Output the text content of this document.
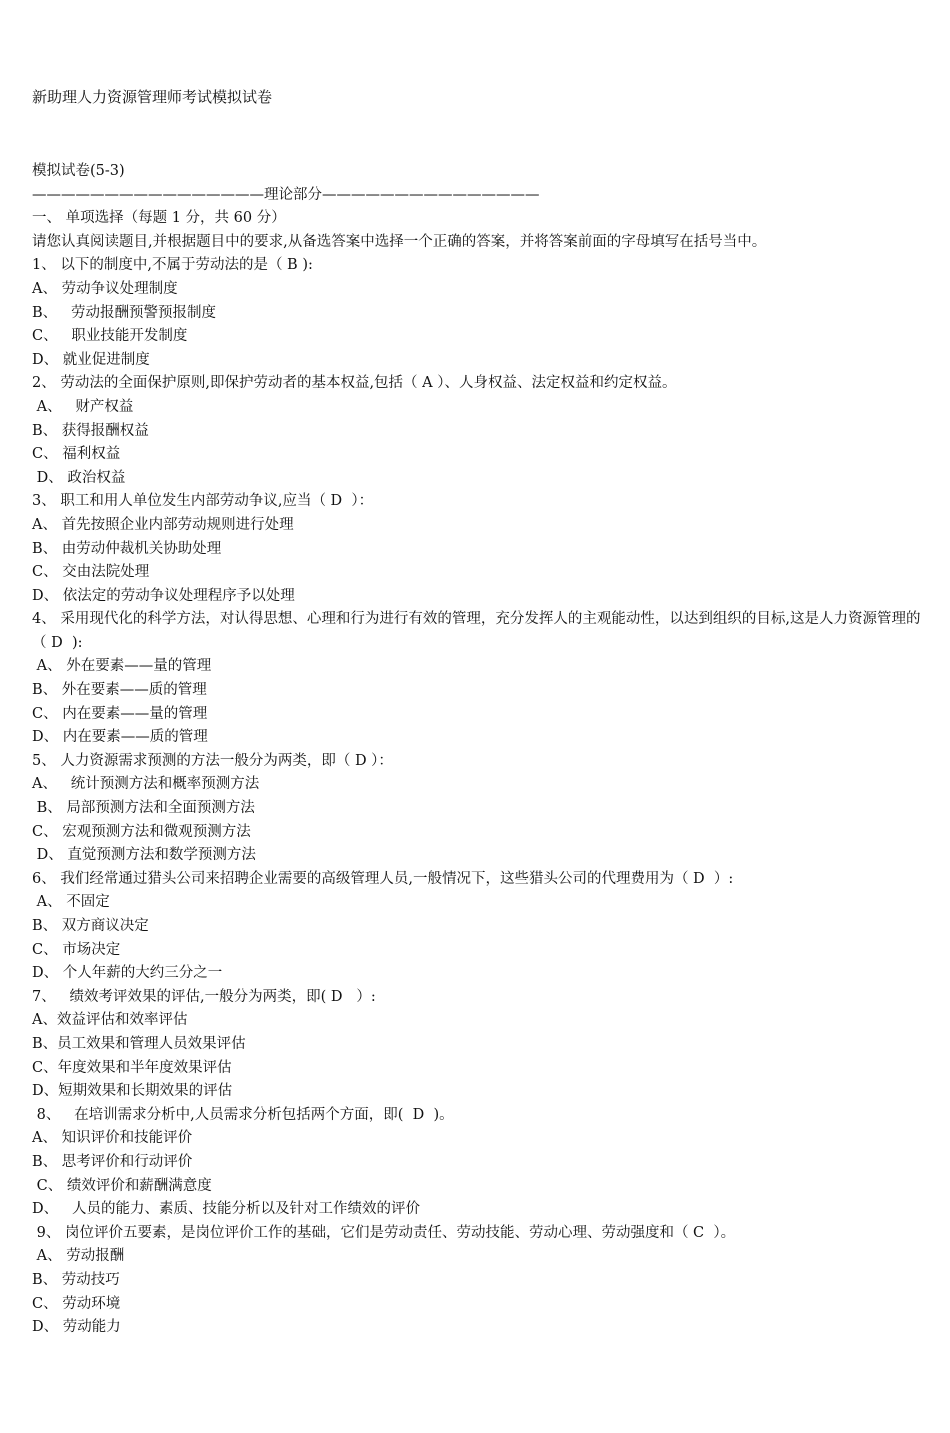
新助理人力资源管理师考试模拟试卷
模拟试卷(5-3)
————————————————理论部分———————————————
一、 单项选择（每题 1 分，共 60 分）
请您认真阅读题目,并根据题目中的要求,从备选答案中选择一个正确的答案，并将答案前面的字母填写在括号当中。
1、 以下的制度中,不属于劳动法的是（ B ):
A、 劳动争议处理制度
B、   劳动报酬预警预报制度
C、   职业技能开发制度
D、 就业促进制度
2、 劳动法的全面保护原则,即保护劳动者的基本权益,包括（ A ）、人身权益、法定权益和约定权益。
A、   财产权益
B、 获得报酬权益
C、 福利权益
D、 政治权益
3、 职工和用人单位发生内部劳动争议,应当（ D  ）：
A、 首先按照企业内部劳动规则进行处理
B、 由劳动仲裁机关协助处理
C、 交由法院处理
D、 依法定的劳动争议处理程序予以处理
4、 采用现代化的科学方法，对认得思想、心理和行为进行有效的管理，充分发挥人的主观能动性，以达到组织的目标,这是人力资源管理的（ D  ):
A、 外在要素——量的管理
B、 外在要素——质的管理
C、 内在要素——量的管理
D、 内在要素——质的管理
5、 人力资源需求预测的方法一般分为两类，即（ D ）：
A、   统计预测方法和概率预测方法
B、 局部预测方法和全面预测方法
C、 宏观预测方法和微观预测方法
D、 直觉预测方法和数学预测方法
6、 我们经常通过猎头公司来招聘企业需要的高级管理人员,一般情况下，这些猎头公司的代理费用为（ D  ）:
A、 不固定
B、 双方商议决定
C、 市场决定
D、 个人年薪的大约三分之一
7、   绩效考评效果的评估,一般分为两类，即( D   ）:
A、效益评估和效率评估
B、员工效果和管理人员效果评估
C、年度效果和半年度效果评估
D、短期效果和长期效果的评估
8、   在培训需求分析中,人员需求分析包括两个方面，即(  D  )。
A、 知识评价和技能评价
B、 思考评价和行动评价
C、 绩效评价和薪酬满意度
D、   人员的能力、素质、技能分析以及针对工作绩效的评价
9、 岗位评价五要素，是岗位评价工作的基础，它们是劳动责任、劳动技能、劳动心理、劳动强度和（ C  ）。
A、 劳动报酬
B、 劳动技巧
C、 劳动环境
D、 劳动能力
